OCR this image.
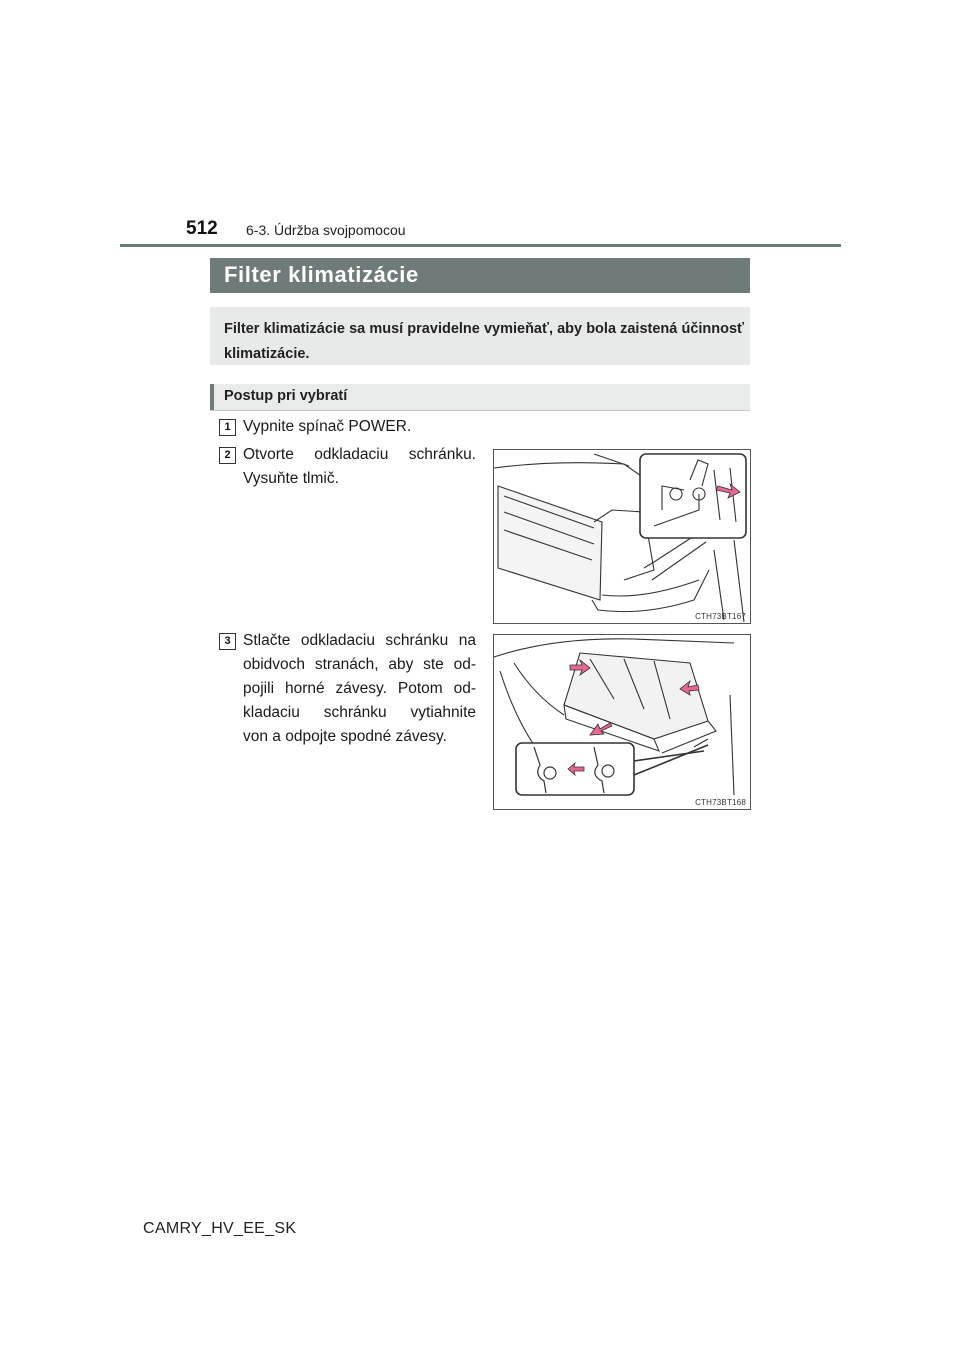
512 6-3. Údržba svojpomocou
Filter klimatizácie
Filter klimatizácie sa musí pravidelne vymieňať, aby bola zaistená účinnosť klimatizácie.
Postup pri vybratí
1 Vypnite spínač POWER.
2 Otvorte odkladaciu schránku.
Vysuňte tlmič.
3 Stlačte odkladaciu schránku na
obidvoch stranách, aby ste od-
pojili horné závesy. Potom od-
kladaciu schránku vytiahnite
von a odpojte spodné závesy.
CTH73BT167
CTH73BT168
CAMRY_HV_EE_SK
